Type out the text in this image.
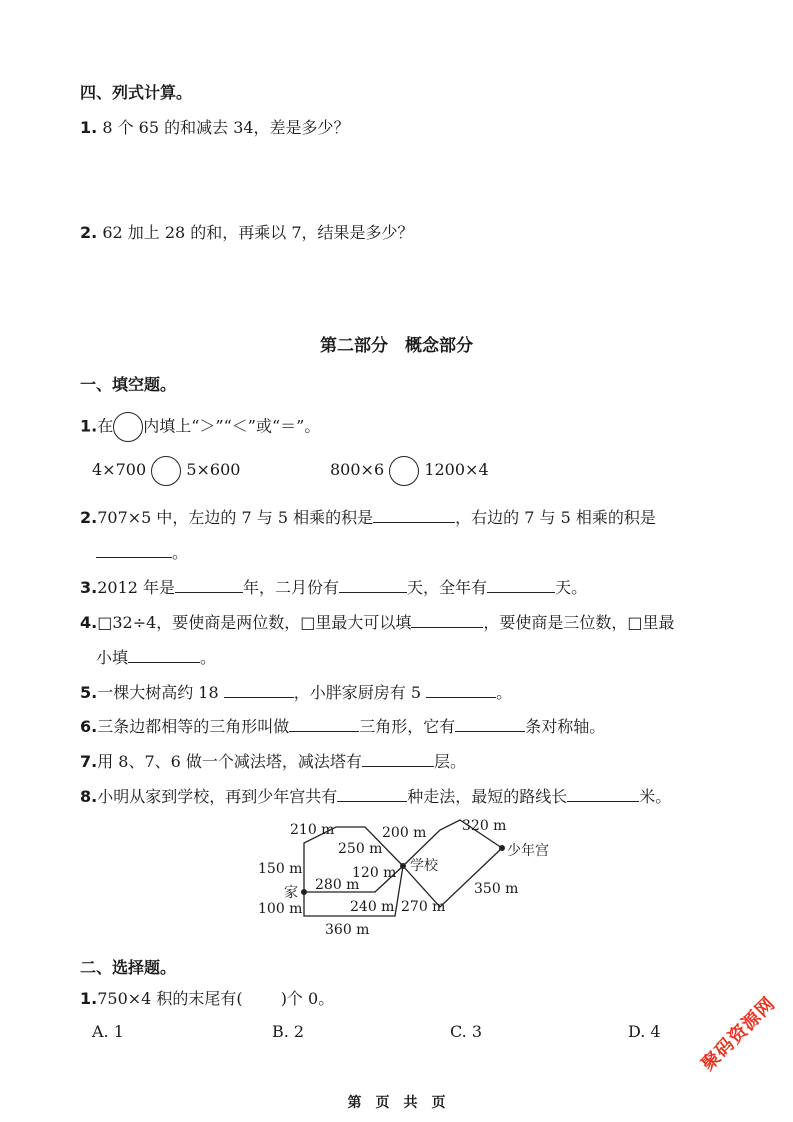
四、列式计算。
1. 8 个 65 的和减去 34，差是多少？
2. 62 加上 28 的和，再乘以 7，结果是多少？
第二部分　概念部分
一、填空题。
1.在 内填上“＞”“＜”或“＝”。
4×700	5×600	800×6	1200×4
2.707×5 中，左边的 7 与 5 相乘的积是	，右边的 7 与 5 相乘的积是
。
3.2012 年是	年，二月份有	天，全年有	天。
4.□32÷4，要使商是两位数，□里最大可以填	，要使商是三位数，□里最
小填	。
5.一棵大树高约 18	，小胖家厨房有 5	。
6.三条边都相等的三角形叫做	三角形，它有	条对称轴。
7.用 8、7、6 做一个减法塔，减法塔有	层。
8.小明从家到学校，再到少年宫共有	种走法，最短的路线长	米。
210 m
250 m
150 m
家 280 m
120 m
100 m	240 m
360 m
200 m
学校
320 m
少年宫
270 m
350 m
二、选择题。
1.750×4 积的末尾有( )个 0。
A. 1	B. 2	C. 3	D. 4 聚码资源网
第　页　共　页
